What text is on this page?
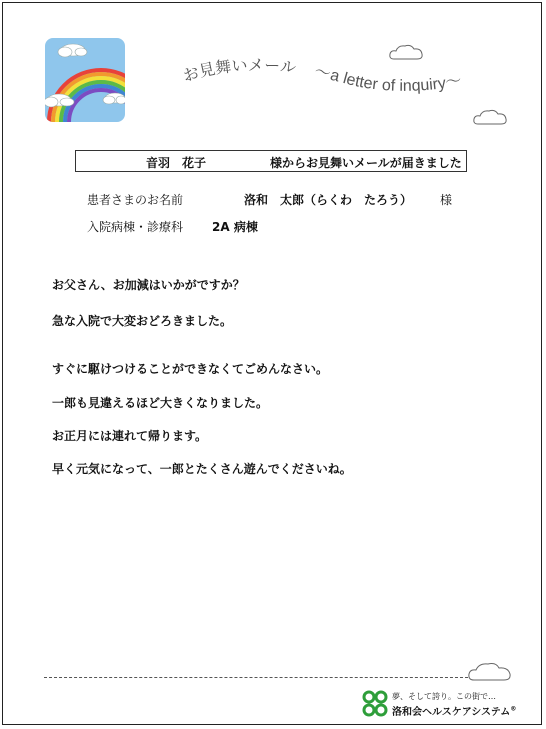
お見舞いメール ～a letter of inquiry～
音羽　花子	様からお見舞いメールが届きました
患者さまのお名前	洛和　太郎（らくわ　たろう） 様
入院病棟・診療科 2A 病棟
お父さん、お加減はいかがですか？
急な入院で大変おどろきました。
すぐに駆けつけることができなくてごめんなさい。
一郎も見違えるほど大きくなりました。
お正月には連れて帰ります。
早く元気になって、一郎とたくさん遊んでくださいね。
夢、そして誇り。この街で…
洛和会ヘルスケアシステム®
